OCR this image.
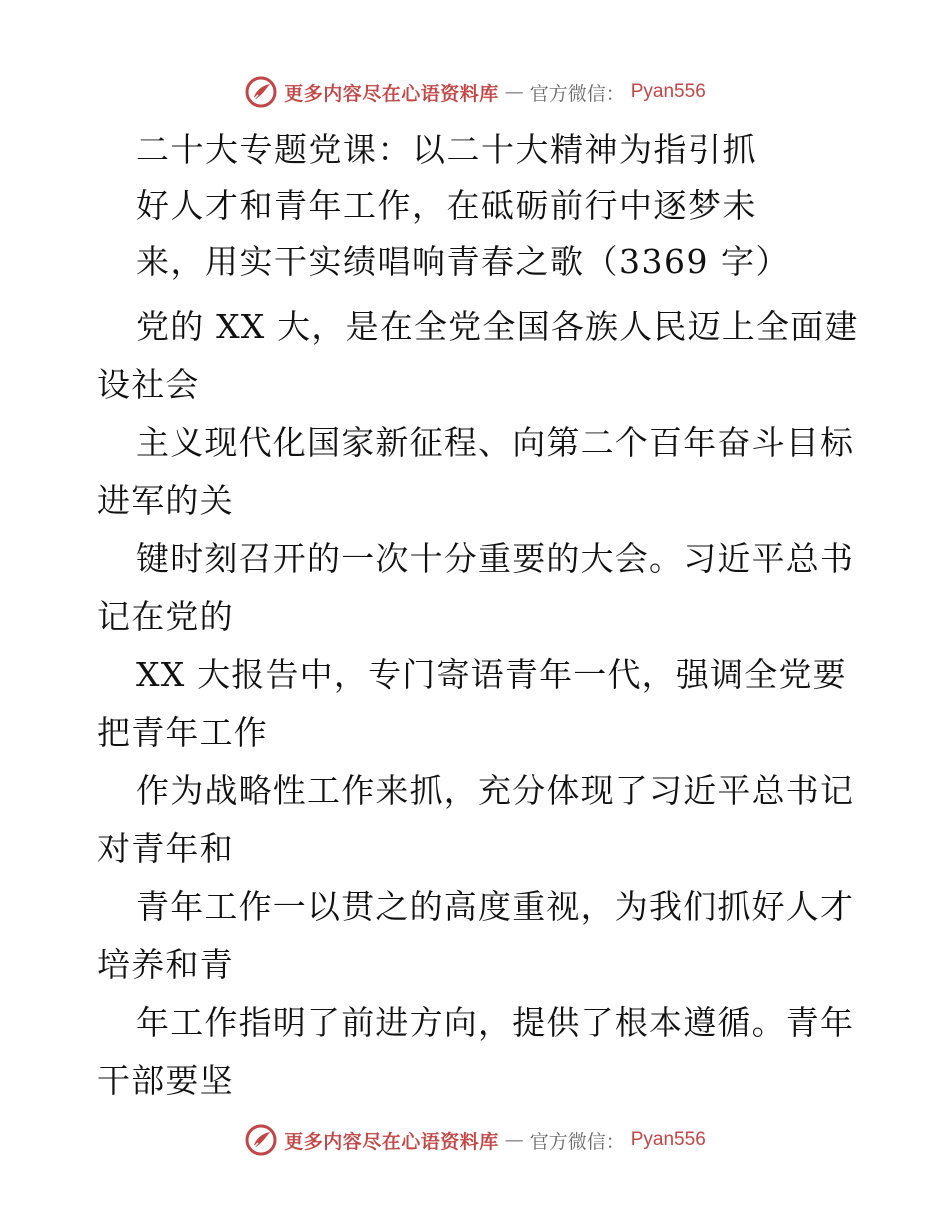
更多内容尽在心语资料库 — 官方微信： Pyan556
二十大专题党课：以二十大精神为指引抓
好人才和青年工作，在砥砺前行中逐梦未
来，用实干实绩唱响青春之歌（3369 字）

党的 XX 大，是在全党全国各族人民迈上全面建
设社会

主义现代化国家新征程、向第二个百年奋斗目标
进军的关

键时刻召开的一次十分重要的大会。习近平总书
记在党的

XX 大报告中，专门寄语青年一代，强调全党要
把青年工作

作为战略性工作来抓，充分体现了习近平总书记
对青年和

青年工作一以贯之的高度重视，为我们抓好人才
培养和青

年工作指明了前进方向，提供了根本遵循。青年
干部要坚

更多内容尽在心语资料库 — 官方微信： Pyan556
